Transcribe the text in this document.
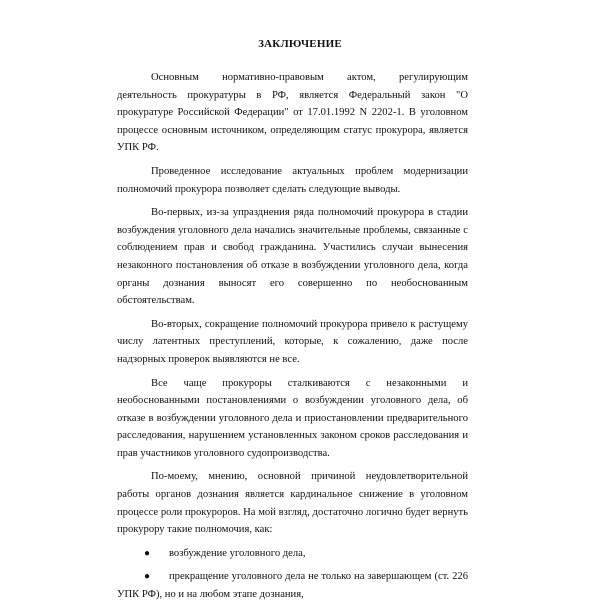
ЗАКЛЮЧЕНИЕ

Основным нормативно-правовым актом, регулирующим деятельность прокуратуры в РФ, является Федеральный закон "О прокуратуре Российской Федерации" от 17.01.1992 N 2202-1. В уголовном процессе основным источником, определяющим статус прокурора, является УПК РФ.

Проведенное исследование актуальных проблем модернизации полномочий прокурора позволяет сделать следующие выводы.

Во-первых, из-за упразднения ряда полномочий прокурора в стадии возбуждения уголовного дела начались значительные проблемы, связанные с соблюдением прав и свобод гражданина. Участились случаи вынесения незаконного постановления об отказе в возбуждении уголовного дела, когда органы дознания выносят его совершенно по необоснованным обстоятельствам.

Во-вторых, сокращение полномочий прокурора привело к растущему числу латентных преступлений, которые, к сожалению, даже после надзорных проверок выявляются не все.

Все чаще прокуроры сталкиваются с незаконными и необоснованными постановлениями о возбуждении уголовного дела, об отказе в возбуждении уголовного дела и приостановлении предварительного расследования, нарушением установленных законом сроков расследования и прав участников уголовного судопроизводства.

По-моему, мнению, основной причиной неудовлетворительной работы органов дознания является кардинальное снижение в уголовном процессе роли прокуроров. На мой взгляд, достаточно логично будет вернуть прокурору такие полномочия, как:

● возбуждение уголовного дела,
● прекращение уголовного дела не только на завершающем (ст. 226 УПК РФ), но и на любом этапе дознания,
